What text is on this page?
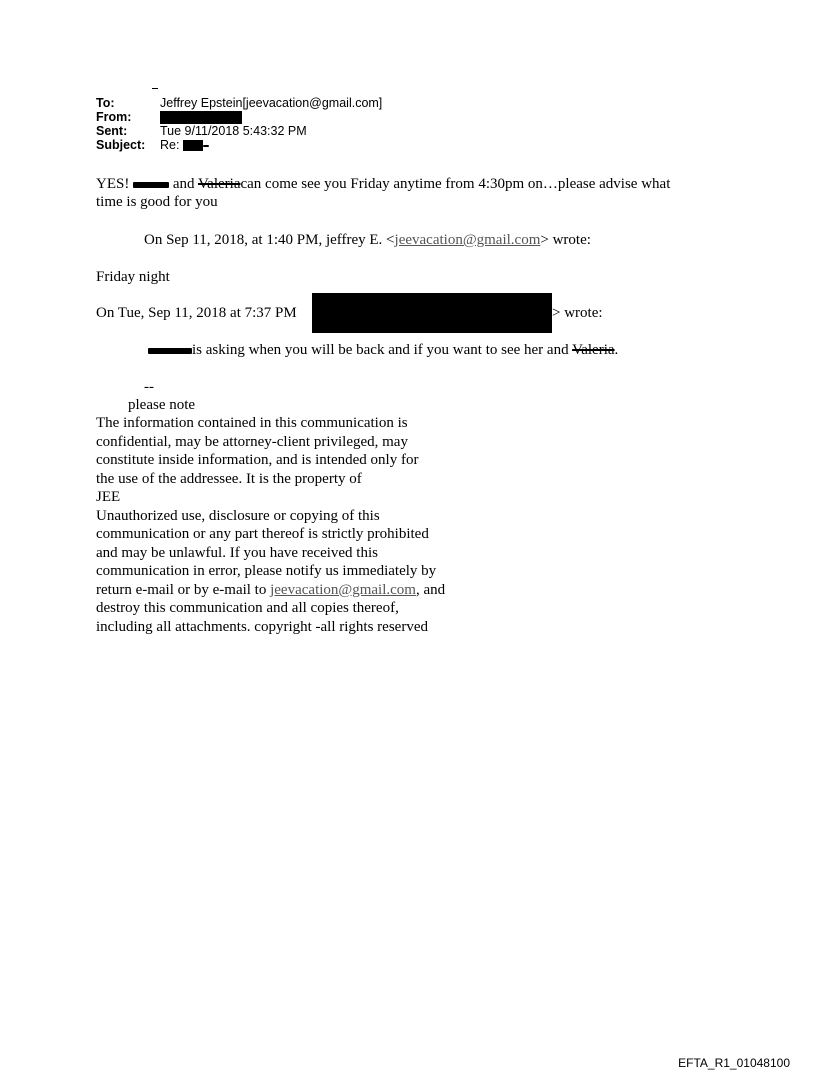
To:	Jeffrey Epstein[jeevacation@gmail.com]
From:
Sent:	Tue 9/11/2018 5:43:32 PM
Subject:	Re:
YES!	and Valeriacan come see you Friday anytime from 4:30pm on…please advise what
time is good for you
On Sep 11, 2018, at 1:40 PM, jeffrey E. <jeevacation@gmail.com> wrote:
Friday night
On Tue, Sep 11, 2018 at 7:37 PM	> wrote:
is asking when you will be back and if you want to see her and Valeria.
--
please note
The information contained in this communication is
confidential, may be attorney-client privileged, may
constitute inside information, and is intended only for
the use of the addressee. It is the property of
JEE
Unauthorized use, disclosure or copying of this
communication or any part thereof is strictly prohibited
and may be unlawful. If you have received this
communication in error, please notify us immediately by
return e-mail or by e-mail to jeevacation@gmail.com, and
destroy this communication and all copies thereof,
including all attachments. copyright -all rights reserved
EFTA_R1_01048100
